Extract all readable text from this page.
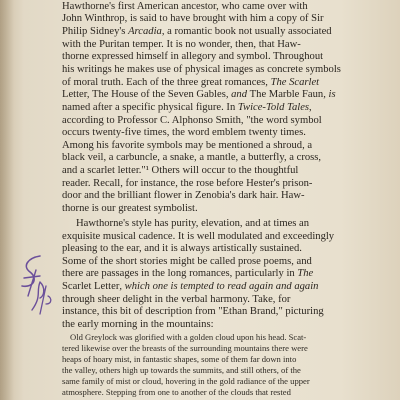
Hawthorne's first American ancestor, who came over with
John Winthrop, is said to have brought with him a copy of Sir
Philip Sidney's Arcadia, a romantic book not usually associated
with the Puritan temper. It is no wonder, then, that Haw-
thorne expressed himself in allegory and symbol. Throughout
his writings he makes use of physical images as concrete symbols
of moral truth. Each of the three great romances, The Scarlet
Letter, The House of the Seven Gables, and The Marble Faun, is
named after a specific physical figure. In Twice-Told Tales,
according to Professor C. Alphonso Smith, "the word symbol
occurs twenty-five times, the word emblem twenty times.
Among his favorite symbols may be mentioned a shroud, a
black veil, a carbuncle, a snake, a mantle, a butterfly, a cross,
and a scarlet letter."¹ Others will occur to the thoughtful
reader. Recall, for instance, the rose before Hester's prison-
door and the brilliant flower in Zenobia's dark hair. Haw-
thorne is our greatest symbolist.
Hawthorne's style has purity, elevation, and at times an
exquisite musical cadence. It is well modulated and exceedingly
pleasing to the ear, and it is always artistically sustained.
Some of the short stories might be called prose poems, and
there are passages in the long romances, particularly in The
Scarlet Letter, which one is tempted to read again and again
through sheer delight in the verbal harmony. Take, for
instance, this bit of description from "Ethan Brand," picturing
the early morning in the mountains:
Old Greylock was glorified with a golden cloud upon his head. Scat-
tered likewise over the breasts of the surrounding mountains there were
heaps of hoary mist, in fantastic shapes, some of them far down into
the valley, others high up towards the summits, and still others, of the
same family of mist or cloud, hovering in the gold radiance of the upper
atmosphere. Stepping from one to another of the clouds that rested
